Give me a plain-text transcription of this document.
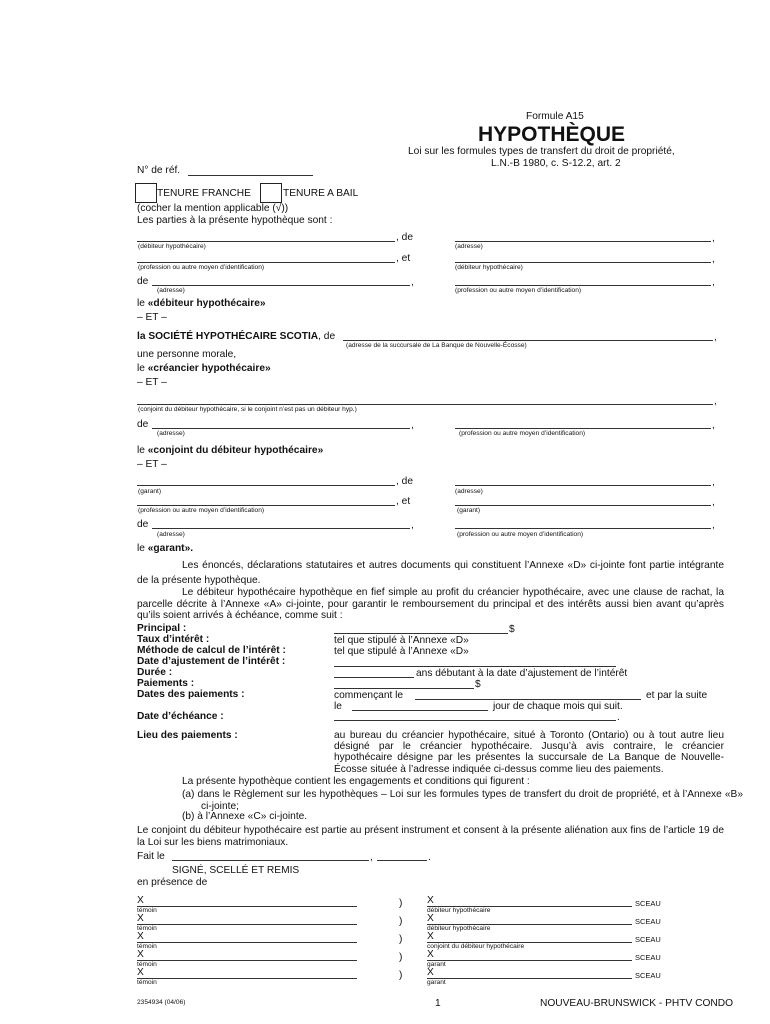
Formule A15
HYPOTHÈQUE
Loi sur les formules types de transfert du droit de propriété,
L.N.-B 1980, c. S-12.2, art. 2
N° de réf.
TENURE FRANCHE	TENURE A BAIL
(cocher la mention applicable (√))
Les parties à la présente hypothèque sont :
, de	,
(débiteur hypothécaire)	(adresse)
, et	,
(profession ou autre moyen d’identification)	(débiteur hypothécaire)
de	,	,
(adresse)	(profession ou autre moyen d’identification)
le «débiteur hypothécaire»
– ET –
la SOCIÉTÉ HYPOTHÉCAIRE SCOTIA, de	,
(adresse de la succursale de La Banque de Nouvelle-Écosse)
une personne morale,
le «créancier hypothécaire»
– ET –
,
(conjoint du débiteur hypothécaire, si le conjoint n’est pas un débiteur hyp.)
de	,	,
(adresse)	(profession ou autre moyen d’identification)
le «conjoint du débiteur hypothécaire»
– ET –
, de	,
(garant)	(adresse)
, et	,
(profession ou autre moyen d’identification)	(garant)
de	,	,
(adresse)	(profession ou autre moyen d’identification)
le «garant».
Les énoncés, déclarations statutaires et autres documents qui constituent l’Annexe «D» ci-jointe font partie intégrante de la présente hypothèque.
Le débiteur hypothécaire hypothèque en fief simple au profit du créancier hypothécaire, avec une clause de rachat, la parcelle décrite à l’Annexe «A» ci-jointe, pour garantir le remboursement du principal et des intérêts aussi bien avant qu’après qu’ils soient arrivés à échéance, comme suit :
Principal :	$
Taux d’intérêt :	tel que stipulé à l’Annexe «D»
Méthode de calcul de l’intérêt :	tel que stipulé à l’Annexe «D»
Date d’ajustement de l’intérêt :
Durée :	ans débutant à la date d’ajustement de l’intérêt
Paiements :	$
Dates des paiements :	commençant le	et par la suite
le	jour de chaque mois qui suit.
Date d’échéance :	.
Lieu des paiements :	au bureau du créancier hypothécaire, situé à Toronto (Ontario) ou à tout autre lieu désigné par le créancier hypothécaire. Jusqu’à avis contraire, le créancier hypothécaire désigne par les présentes la succursale de La Banque de Nouvelle-Écosse située à l’adresse indiquée ci-dessus comme lieu des paiements.
La présente hypothèque contient les engagements et conditions qui figurent :
(a) dans le Règlement sur les hypothèques – Loi sur les formules types de transfert du droit de propriété, et à l’Annexe «B» ci-jointe;
(b) à l’Annexe «C» ci-jointe.
Le conjoint du débiteur hypothécaire est partie au présent instrument et consent à la présente aliénation aux fins de l’article 19 de la Loi sur les biens matrimoniaux.
Fait le	,	.
SIGNÉ, SCELLÉ ET REMIS
en présence de
X
témoin
) X
débiteur hypothécaire
SCEAU
X
témoin
) X
débiteur hypothécaire
SCEAU
X
témoin
) X
conjoint du débiteur hypothécaire
SCEAU
X
témoin
) X
garant
SCEAU
X
témoin
) X
garant
SCEAU
2354934 (04/06)	1	NOUVEAU-BRUNSWICK - PHTV CONDO
